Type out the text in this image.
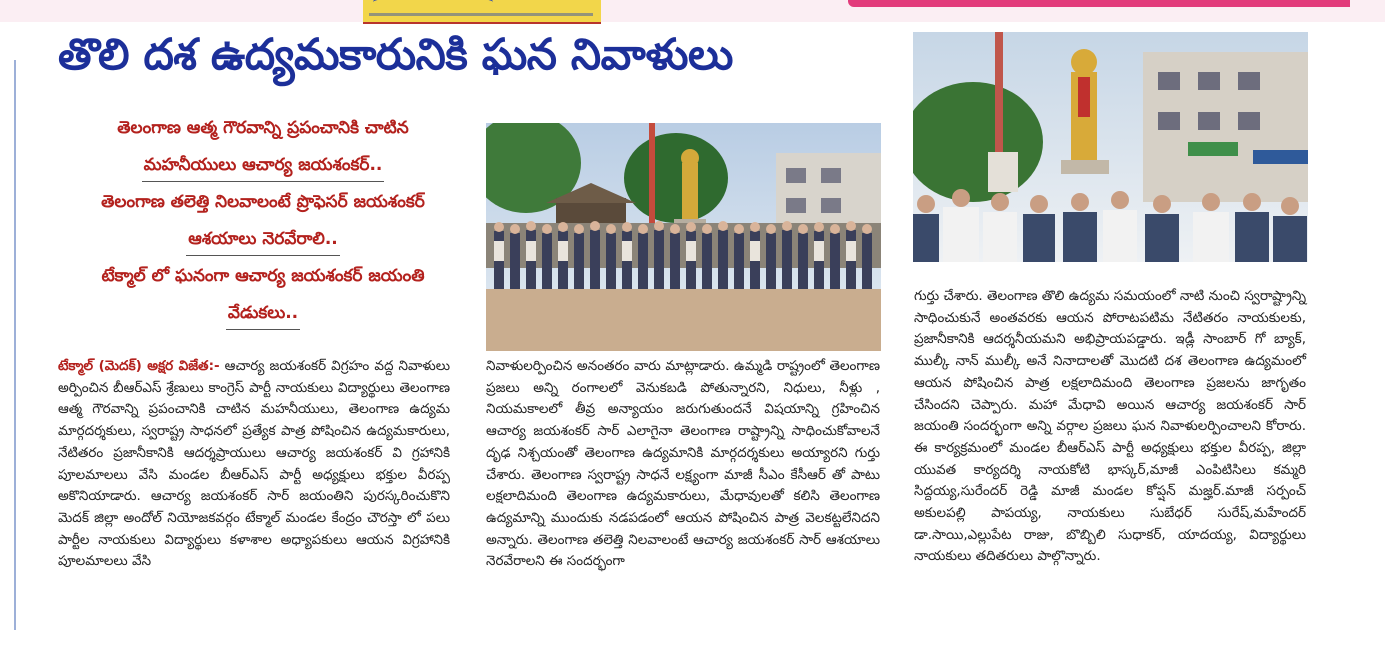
తొలి దశ ఉద్యమకారునికి ఘన నివాళులు
తెలంగాణ ఆత్మ గౌరవాన్ని ప్రపంచానికి చాటిన
మహనీయులు ఆచార్య జయశంకర్..
తెలంగాణ తలెత్తి నిలవాలంటే ప్రొఫెసర్ జయశంకర్
ఆశయాలు నెరవేరాలి..
టేక్మాల్ లో ఘనంగా ఆచార్య జయశంకర్ జయంతి
వేడుకలు..

టేక్మాల్ (మెదక్) అక్షర విజేత:- ఆచార్య జయశంకర్ విగ్రహం వద్ద నివాళులు అర్పించిన బీఆర్ఎస్ శ్రేణులు కాంగ్రెస్ పార్టీ నాయకులు విద్యార్థులు తెలంగాణ ఆత్మ గౌరవాన్ని ప్రపంచానికి చాటిన మహనీయులు, తెలంగాణ ఉద్యమ మార్గదర్శకులు, స్వరాష్ట్ర సాధనలో ప్రత్యేక పాత్ర పోషించిన ఉద్యమకారులు, నేటితరం ప్రజానీకానికి ఆదర్శప్రాయులు ఆచార్య జయశంకర్ వి గ్రహానికి పూలమాలలు వేసి మండల బీఆర్ఎస్ పార్టీ అధ్యక్షులు భక్తుల వీరప్ప అకొనియాడారు. ఆచార్య జయశంకర్ సార్ జయంతిని పురస్కరించుకొని మెదక్ జిల్లా అందోల్ నియోజకవర్గం టేక్మాల్ మండల కేంద్రం చౌరస్తా లో పలు పార్టీల నాయకులు విద్యార్థులు కళాశాల అధ్యాపకులు ఆయన విగ్రహానికి పూలమాలలు వేసి

నివాళులర్పించిన అనంతరం వారు మాట్లాడారు. ఉమ్మడి రాష్ట్రంలో తెలంగాణ ప్రజలు అన్ని రంగాలలో వెనుకబడి పోతున్నారని, నిధులు, నీళ్లు , నియమకాలలో తీవ్ర అన్యాయం జరుగుతుందనే విషయాన్ని గ్రహించిన ఆచార్య జయశంకర్ సార్ ఎలాగైనా తెలంగాణ రాష్ట్రాన్ని సాధించుకోవాలనే దృఢ నిశ్చయంతో తెలంగాణ ఉద్యమానికి మార్గదర్శకులు అయ్యారని గుర్తు చేశారు. తెలంగాణ స్వరాష్ట్ర సాధనే లక్ష్యంగా మాజీ సీఎం కేసీఆర్ తో పాటు లక్షలాదిమంది తెలంగాణ ఉద్యమకారులు, మేధావులతో కలిసి తెలంగాణ ఉద్యమాన్ని ముందుకు నడపడంలో ఆయన పోషించిన పాత్ర వెలకట్టలేనిదని అన్నారు. తెలంగాణ తలెత్తి నిలవాలంటే ఆచార్య జయశంకర్ సార్ ఆశయాలు నెరవేరాలని ఈ సందర్భంగా

గుర్తు చేశారు. తెలంగాణ తొలి ఉద్యమ సమయంలో నాటి నుంచి స్వరాష్ట్రాన్ని సాధించుకునే అంతవరకు ఆయన పోరాటపటిమ నేటితరం నాయకులకు, ప్రజానీకానికి ఆదర్శనీయమని అభిప్రాయపడ్డారు. ఇడ్లీ సాంబార్ గో బ్యాక్, ముల్కీ నాన్ ముల్కీ అనే నినాదాలతో మొదటి దశ తెలంగాణ ఉద్యమంలో ఆయన పోషించిన పాత్ర లక్షలాదిమంది తెలంగాణ ప్రజలను జాగృతం చేసిందని చెప్పారు. మహా మేధావి అయిన ఆచార్య జయశంకర్ సార్ జయంతి సందర్భంగా అన్ని వర్గాల ప్రజలు ఘన నివాళులర్పించాలని కోరారు. ఈ కార్యక్రమంలో మండల బీఆర్ఎస్ పార్టీ అధ్యక్షులు భక్తుల వీరప్ప, జిల్లా యువత కార్యదర్శి నాయకోటి భాస్కర్,మాజీ ఎంపిటిసిలు కమ్మరి సిద్దయ్య,సురేందర్ రెడ్డి మాజీ మండల కోప్షన్ మజ్హర్.మాజీ సర్పంచ్ అకులపల్లి పాపయ్య, నాయకులు సుబేధర్ సురేష్,మహేందర్ డా.సాయి,ఎల్లుపేట రాజు, బొబ్బిలి సుధాకర్, యాదయ్య, విద్యార్థులు నాయకులు తదితరులు పాల్గొన్నారు.
